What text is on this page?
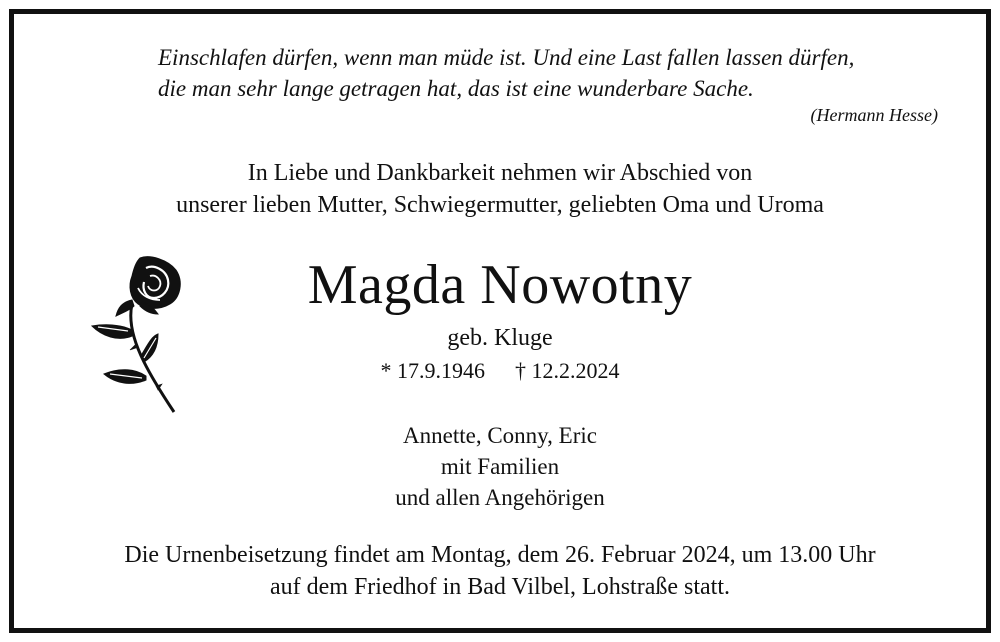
Einschlafen dürfen, wenn man müde ist. Und eine Last fallen lassen dürfen,
die man sehr lange getragen hat, das ist eine wunderbare Sache.
(Hermann Hesse)
In Liebe und Dankbarkeit nehmen wir Abschied von
unserer lieben Mutter, Schwiegermutter, geliebten Oma und Uroma
Magda Nowotny
geb. Kluge
* 17.9.1946 † 12.2.2024
Annette, Conny, Eric
mit Familien
und allen Angehörigen
Die Urnenbeisetzung findet am Montag, dem 26. Februar 2024, um 13.00 Uhr
auf dem Friedhof in Bad Vilbel, Lohstraße statt.
